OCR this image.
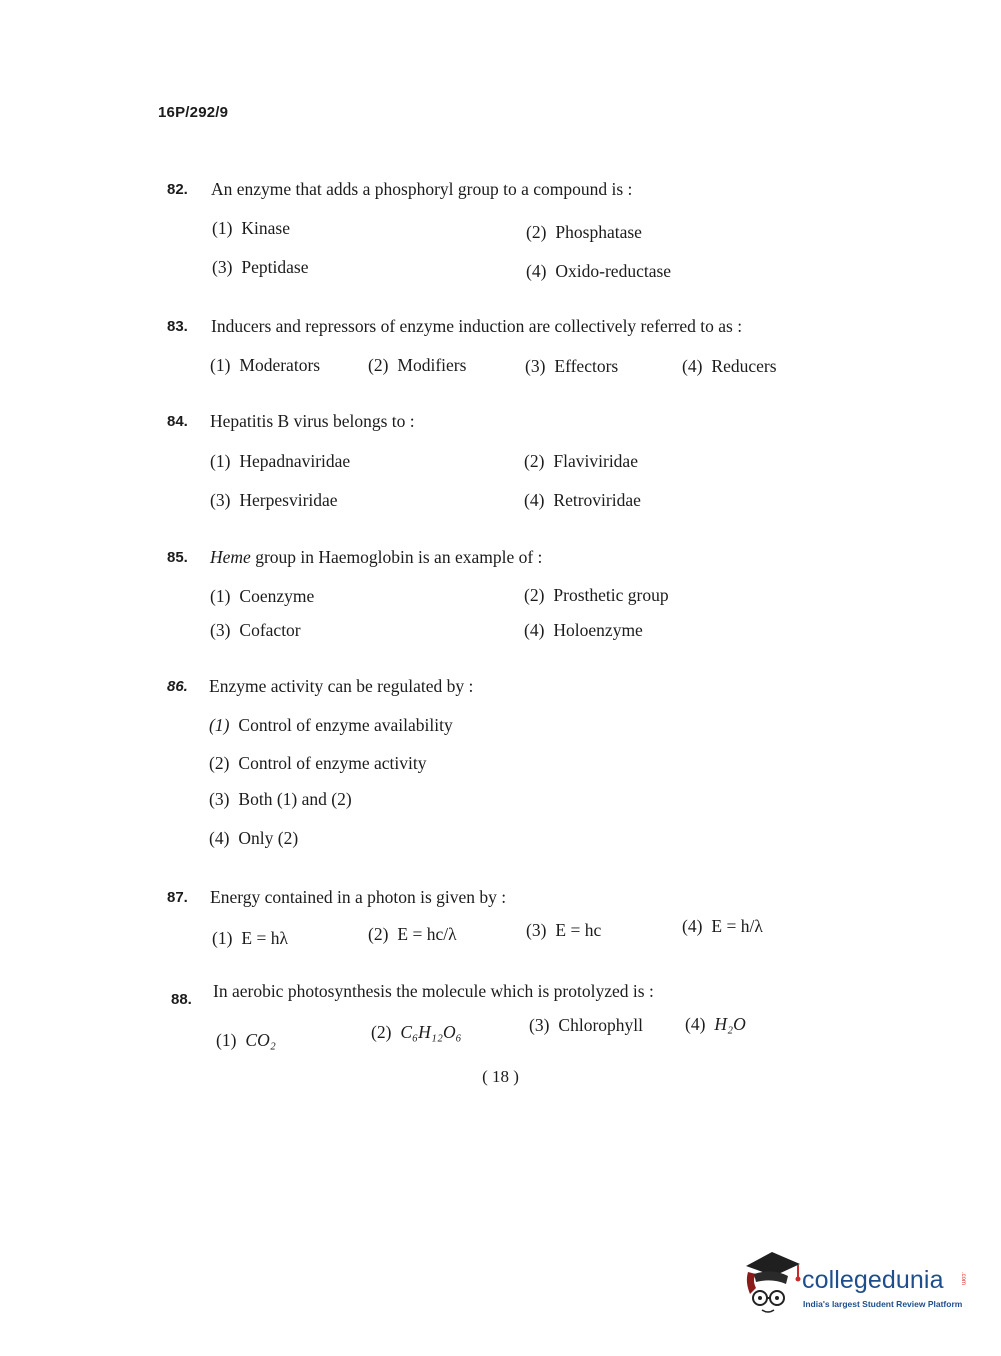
16P/292/9
82. An enzyme that adds a phosphoryl group to a compound is :
(1) Kinase	(2) Phosphatase
(3) Peptidase	(4) Oxido-reductase
83. Inducers and repressors of enzyme induction are collectively referred to as :
(1) Moderators	(2) Modifiers	(3) Effectors	(4) Reducers
84. Hepatitis B virus belongs to :
(1) Hepadnaviridae	(2) Flaviviridae
(3) Herpesviridae	(4) Retroviridae
85. Heme group in Haemoglobin is an example of :
(1) Coenzyme	(2) Prosthetic group
(3) Cofactor	(4) Holoenzyme
86. Enzyme activity can be regulated by :
(1) Control of enzyme availability
(2) Control of enzyme activity
(3) Both (1) and (2)
(4) Only (2)
87. Energy contained in a photon is given by :
(1) E = hλ	(2) E = hc/λ	(3) E = hc	(4) E = h/λ
88. In aerobic photosynthesis the molecule which is protolyzed is :
(1) CO₂	(2) C₆H₁₂O₆	(3) Chlorophyll (4) H₂O
( 18 )
collegedunia	.com
India's largest Student Review Platform
